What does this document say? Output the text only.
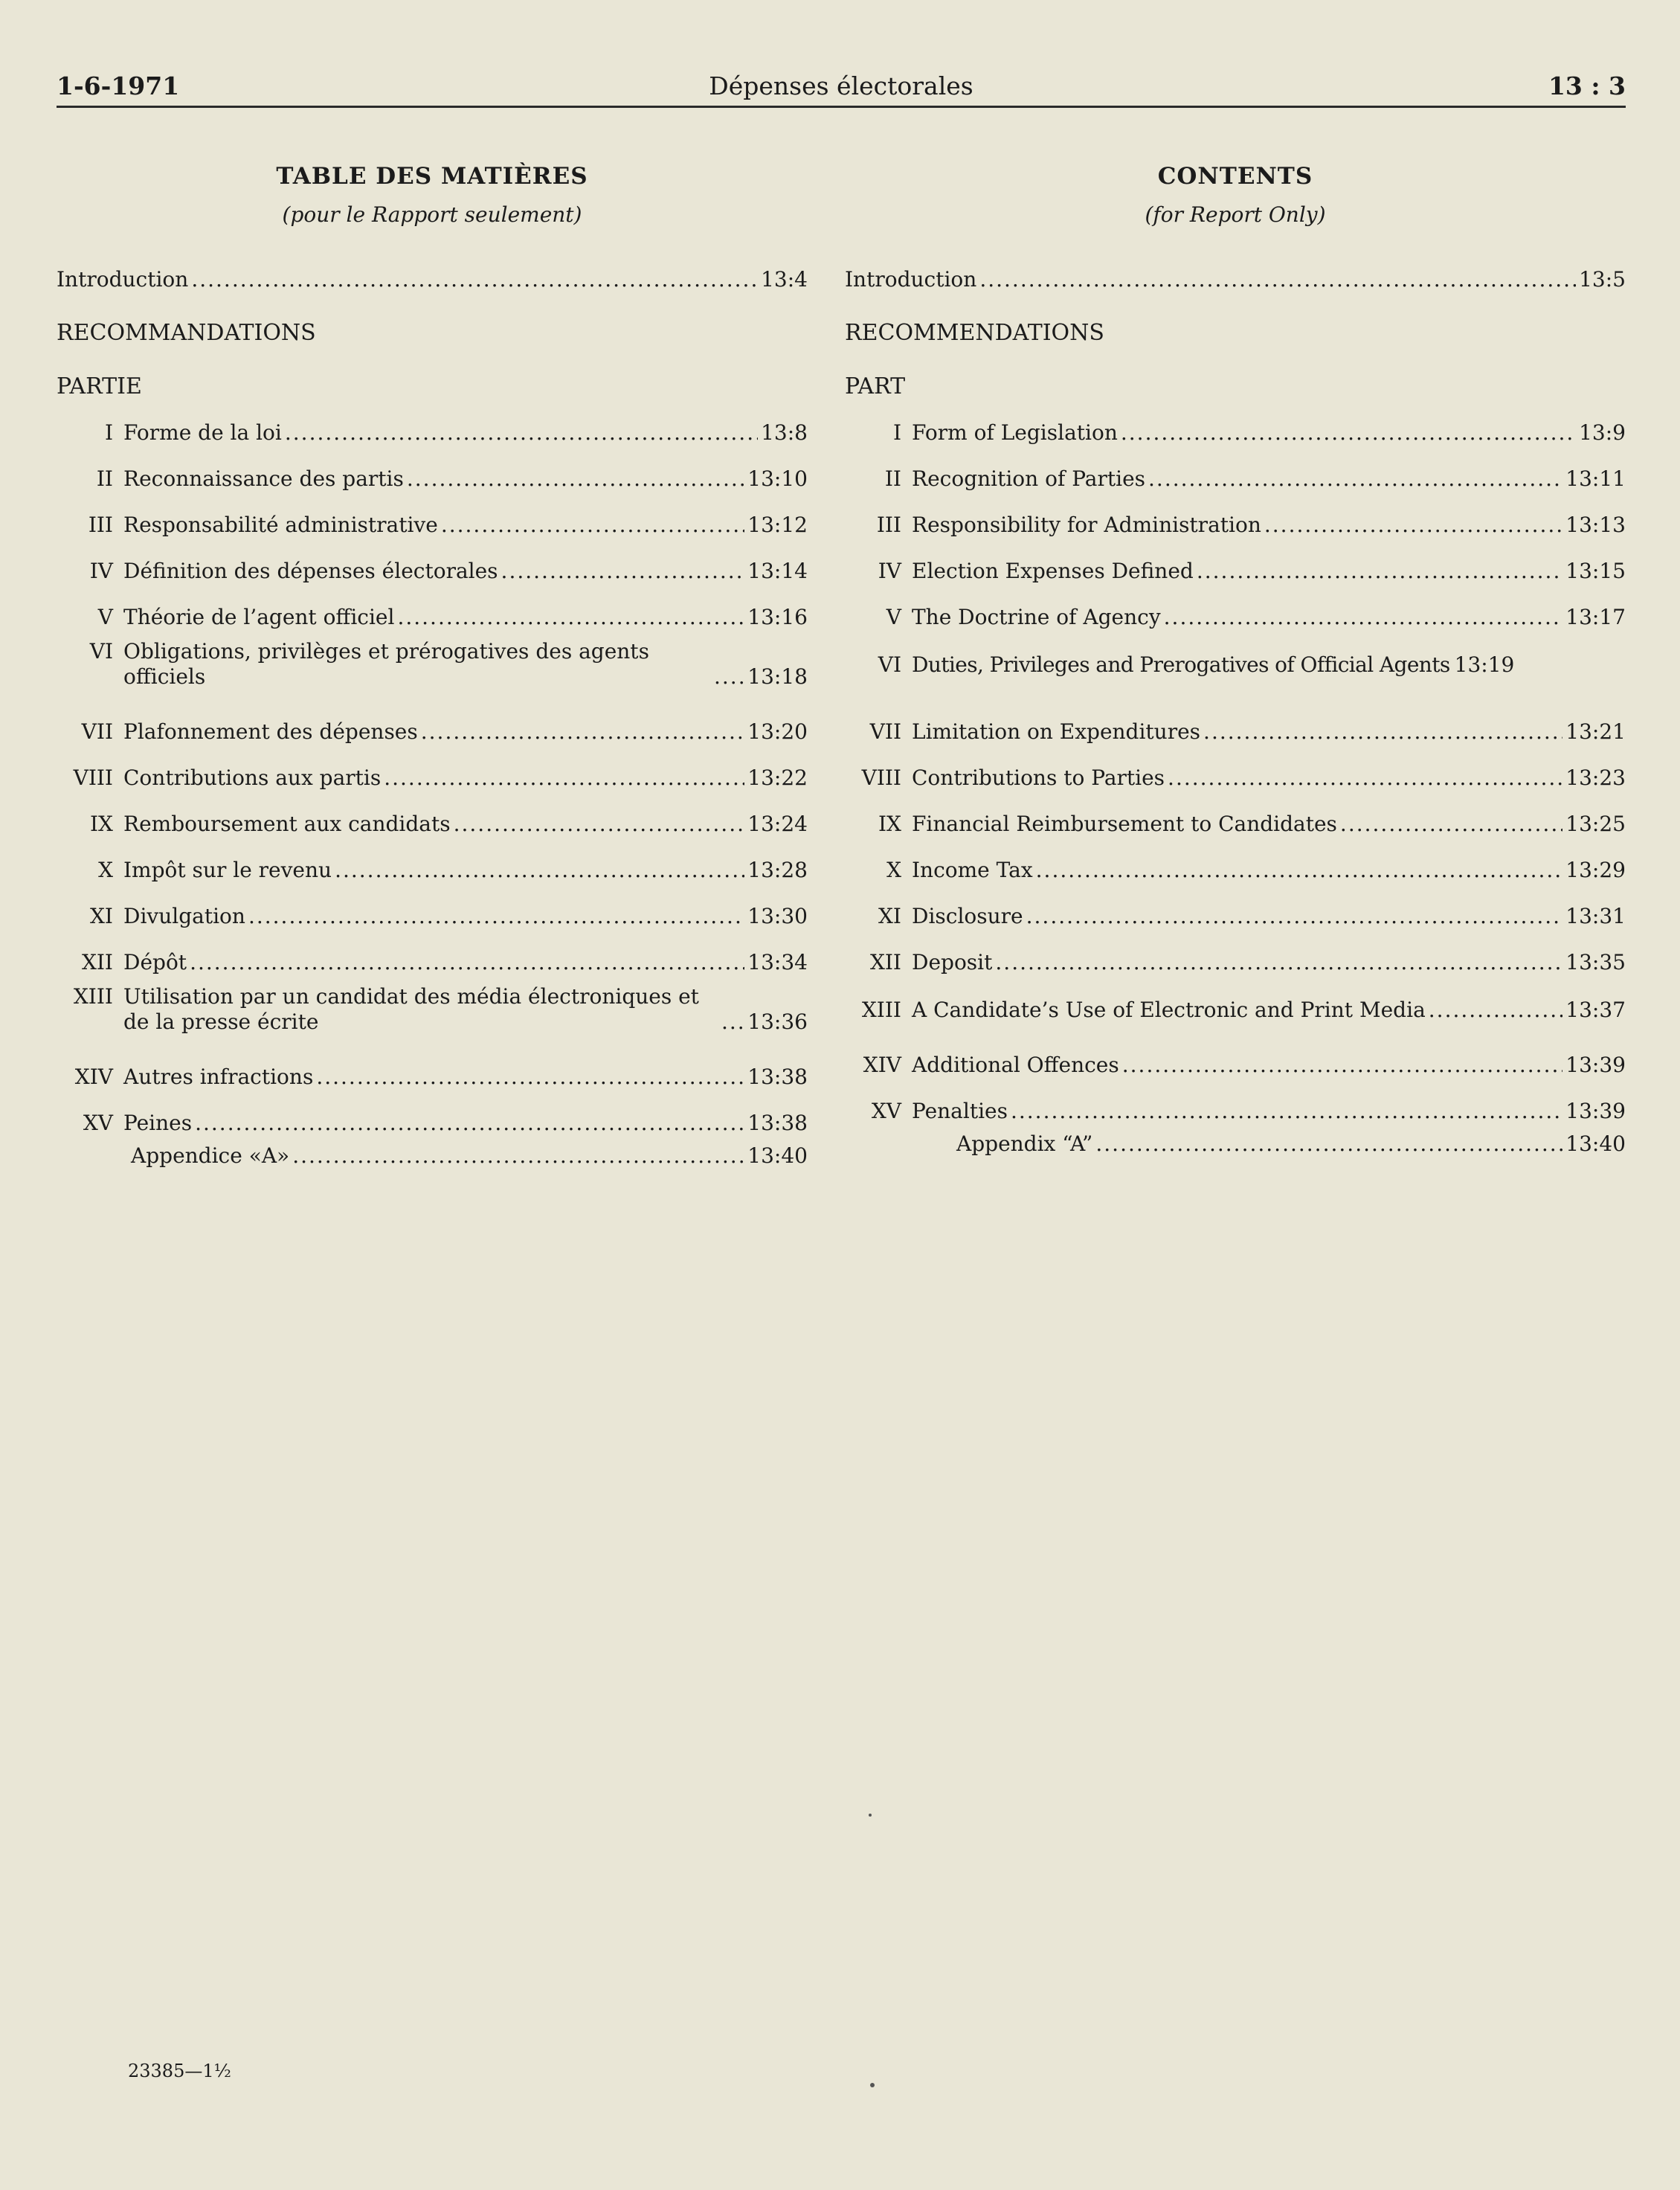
1-6-1971	Dépenses électorales	13 : 3
TABLE DES MATIÈRES
(pour le Rapport seulement)
Introduction .....	13:4
RECOMMANDATIONS
PARTIE
I Forme de la loi .....	13:8
II Reconnaissance des partis .....	13:10
III Responsabilité administrative .....	13:12
IV Définition des dépenses électorales .....	13:14
V Théorie de l’agent officiel .....	13:16
VI Obligations, privilèges et prérogatives des agents officiels .....	13:18
VII Plafonnement des dépenses .....	13:20
VIII Contributions aux partis .....	13:22
IX Remboursement aux candidats .....	13:24
X Impôt sur le revenu .....	13:28
XI Divulgation .....	13:30
XII Dépôt .....	13:34
XIII Utilisation par un candidat des média électroniques et de la presse écrite .....	13:36
XIV Autres infractions .....	13:38
XV Peines .....	13:38
Appendice «A» .....	13:40
CONTENTS
(for Report Only)
Introduction .....	13:5
RECOMMENDATIONS
PART
I Form of Legislation .....	13:9
II Recognition of Parties .....	13:11
III Responsibility for Administration .....	13:13
IV Election Expenses Defined .....	13:15
V The Doctrine of Agency .....	13:17
VI Duties, Privileges and Prerogatives of Official Agents 13:19
VII Limitation on Expenditures .....	13:21
VIII Contributions to Parties .....	13:23
IX Financial Reimbursement to Candidates .....	13:25
X Income Tax .....	13:29
XI Disclosure .....	13:31
XII Deposit .....	13:35
XIII A Candidate’s Use of Electronic and Print Media .....	13:37
XIV Additional Offences .....	13:39
XV Penalties .....	13:39
Appendix “A” .....	13:40
23385—1½
